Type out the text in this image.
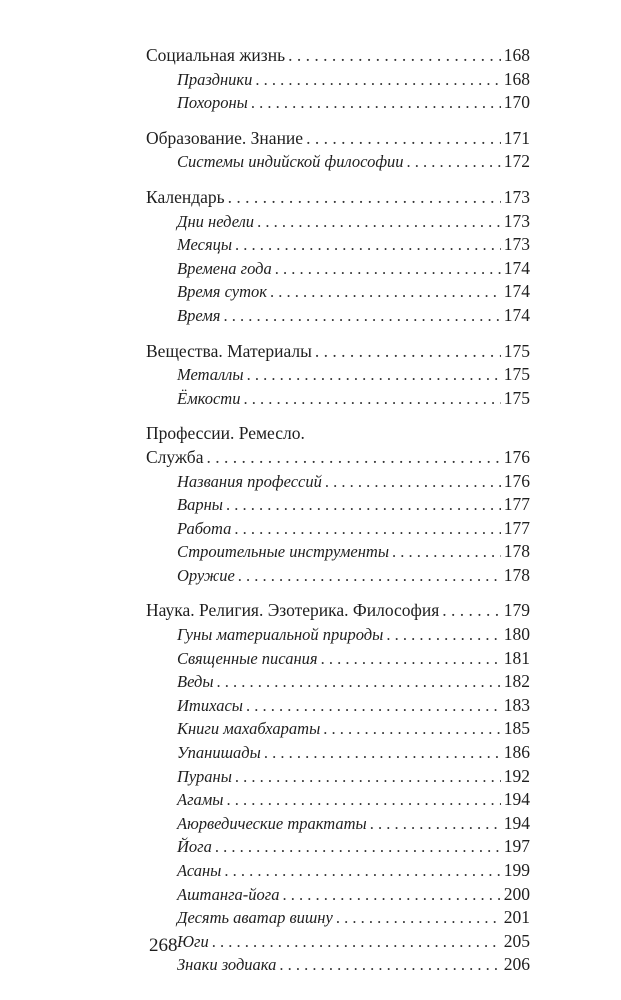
Социальная жизнь . . .	168
Праздники . . .	168
Похороны . . .	170
Образование. Знание . . .	171
Системы индийской философии . . .	172
Календарь . . .	173
Дни недели . . .	173
Месяцы . . .	173
Времена года . . .	174
Время суток . . .	174
Время . . .	174
Вещества. Материалы . . .	175
Металлы . . .	175
Ёмкости . . .	175
Профессии. Ремесло.
Служба . . .	176
Названия профессий . . .	176
Варны . . .	177
Работа . . .	177
Строительные инструменты . . .	178
Оружие . . .	178
Наука. Религия. Эзотерика. Философия . . .	179
Гуны материальной природы . . .	180
Священные писания . . .	181
Веды . . .	182
Итихасы . . .	183
Книги махабхараты . . .	185
Упанишады . . .	186
Пураны . . .	192
Агамы . . .	194
Аюрведические трактаты . . .	194
Йога . . .	197
Асаны . . .	199
Аштанга-йога . . .	200
Десять аватар вишну . . .	201
Юги . . .	205
Знаки зодиака . . .	206
268
